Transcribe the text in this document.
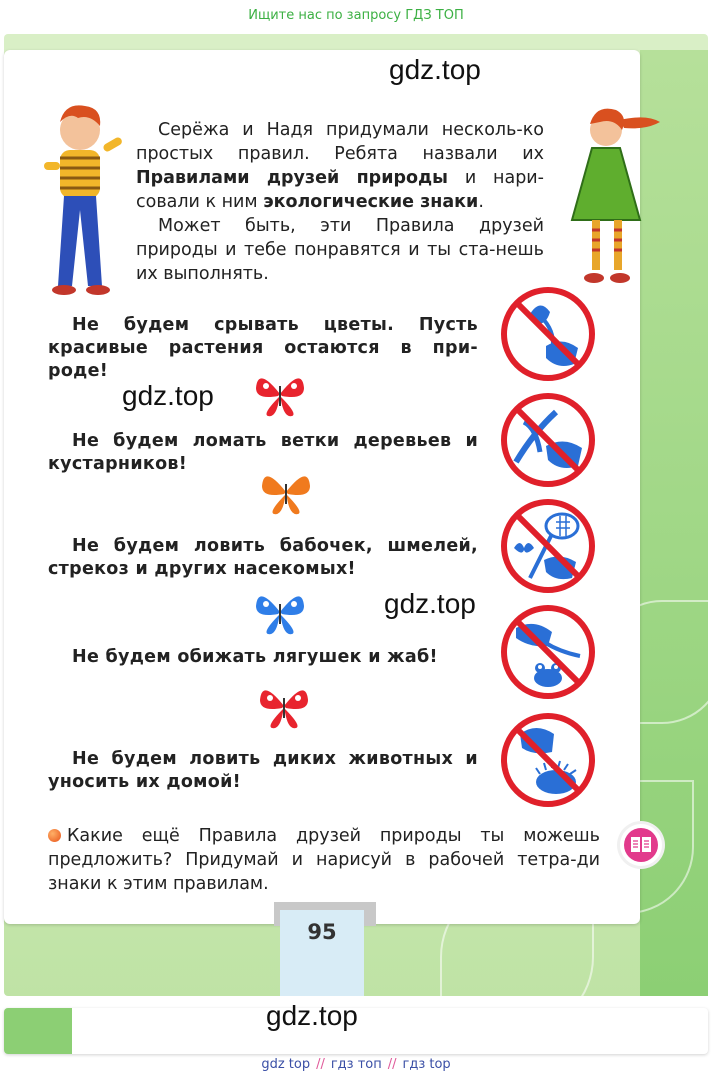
Ищите нас по запросу ГДЗ ТОП
gdz.top

Серёжа и Надя придумали несколь-ко простых правил. Ребята назвали их Правилами друзей природы и нари-совали к ним экологические знаки.

Может быть, эти Правила друзей природы и тебе понравятся и ты ста-нешь их выполнять.

Не будем срывать цветы. Пусть красивые растения остаются в при-роде!
gdz.top
Не будем ломать ветки деревьев и кустарников!
Не будем ловить бабочек, шмелей, стрекоз и других насекомых!
gdz.top
Не будем обижать лягушек и жаб!
Не будем ловить диких животных и уносить их домой!
Какие ещё Правила друзей природы ты можешь предложить? Придумай и нарисуй в рабочей тетра-ди знаки к этим правилам.
95
gdz.top
gdz top // гдз топ // гдз top
